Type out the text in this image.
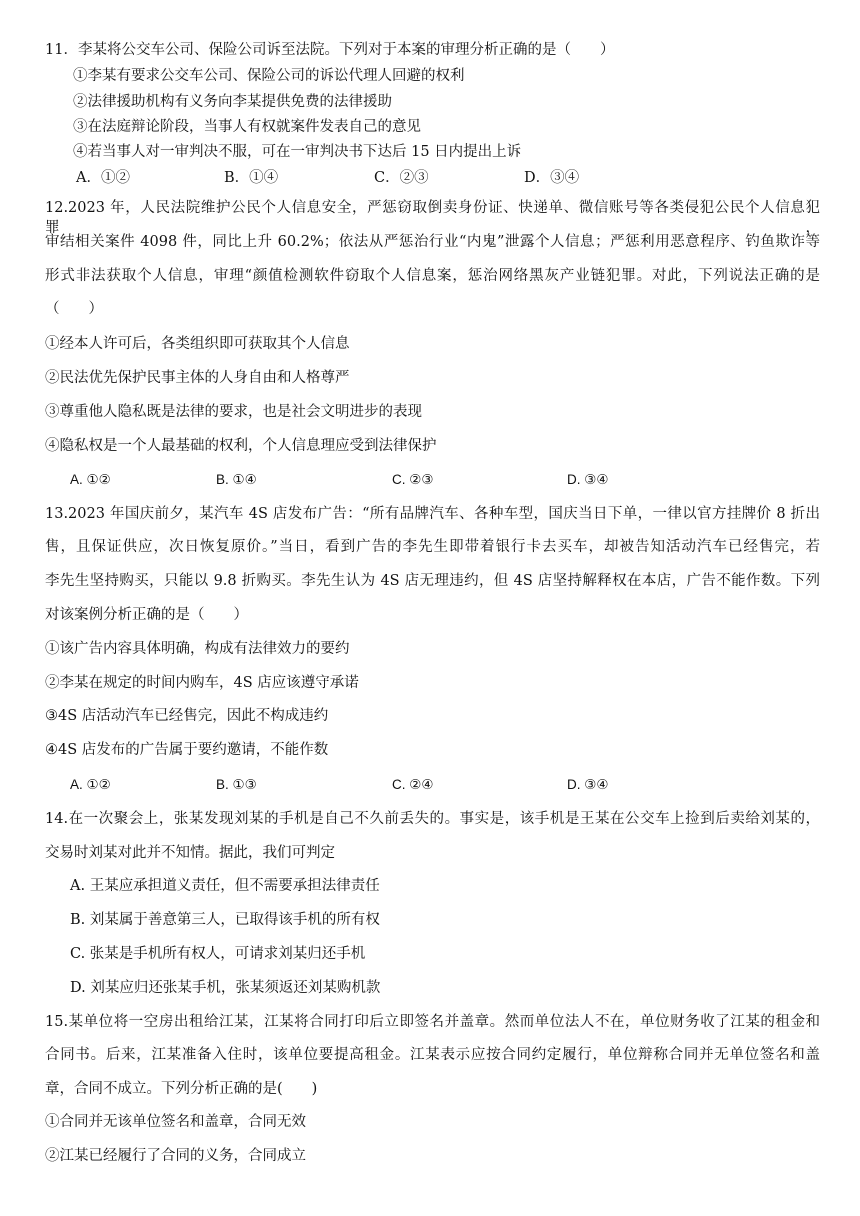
11．李某将公交车公司、保险公司诉至法院。下列对于本案的审理分析正确的是（　　）
①李某有要求公交车公司、保险公司的诉讼代理人回避的权利
②法律援助机构有义务向李某提供免费的法律援助
③在法庭辩论阶段，当事人有权就案件发表自己的意见
④若当事人对一审判决不服，可在一审判决书下达后 15 日内提出上诉
A．①②	B．①④	C．②③	D．③④
12.2023 年，人民法院维护公民个人信息安全，严惩窃取倒卖身份证、快递单、微信账号等各类侵犯公民个人信息犯罪，
审结相关案件 4098 件，同比上升 60.2%；依法从严惩治行业“内鬼”泄露个人信息；严惩利用恶意程序、钓鱼欺诈等
形式非法获取个人信息，审理“颜值检测软件窃取个人信息案，惩治网络黑灰产业链犯罪。对此，下列说法正确的是
（　　）
①经本人许可后，各类组织即可获取其个人信息
②民法优先保护民事主体的人身自由和人格尊严
③尊重他人隐私既是法律的要求，也是社会文明进步的表现
④隐私权是一个人最基础的权利，个人信息理应受到法律保护
A. ①②	B. ①④	C. ②③	D. ③④
13.2023 年国庆前夕，某汽车 4S 店发布广告：“所有品牌汽车、各种车型，国庆当日下单，一律以官方挂牌价 8 折出
售，且保证供应，次日恢复原价。”当日，看到广告的李先生即带着银行卡去买车，却被告知活动汽车已经售完，若
李先生坚持购买，只能以 9.8 折购买。李先生认为 4S 店无理违约，但 4S 店坚持解释权在本店，广告不能作数。下列
对该案例分析正确的是（　　）
①该广告内容具体明确，构成有法律效力的要约
②李某在规定的时间内购车，4S 店应该遵守承诺
③4S 店活动汽车已经售完，因此不构成违约
④4S 店发布的广告属于要约邀请，不能作数
A. ①②	B. ①③	C. ②④	D. ③④
14.在一次聚会上，张某发现刘某的手机是自己不久前丢失的。事实是，该手机是王某在公交车上捡到后卖给刘某的，
交易时刘某对此并不知情。据此，我们可判定
A. 王某应承担道义责任，但不需要承担法律责任
B. 刘某属于善意第三人，已取得该手机的所有权
C. 张某是手机所有权人，可请求刘某归还手机
D. 刘某应归还张某手机，张某须返还刘某购机款
15.某单位将一空房出租给江某，江某将合同打印后立即签名并盖章。然而单位法人不在，单位财务收了江某的租金和
合同书。后来，江某准备入住时，该单位要提高租金。江某表示应按合同约定履行，单位辩称合同并无单位签名和盖
章，合同不成立。下列分析正确的是(　　)
①合同并无该单位签名和盖章，合同无效
②江某已经履行了合同的义务，合同成立
